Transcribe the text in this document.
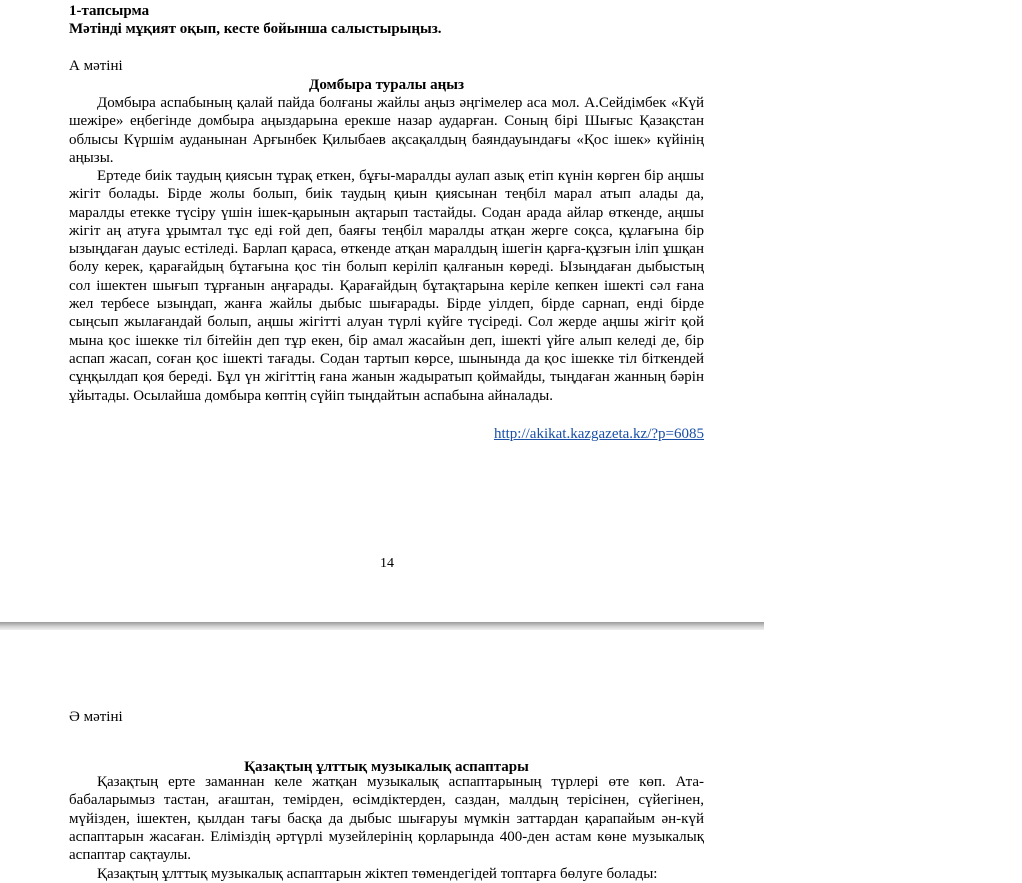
1-тапсырма

Мәтінді мұқият оқып, кесте бойынша салыстырыңыз.

А мәтіні

Домбыра туралы аңыз

Домбыра аспабының қалай пайда болғаны жайлы аңыз әңгімелер аса мол. А.Сейдімбек «Күй шежіре» еңбегінде домбыра аңыздарына ерекше назар аударған. Соның бірі Шығыс Қазақстан облысы Күршім ауданынан Арғынбек Қилыбаев ақсақалдың баяндауындағы «Қос ішек» күйінің аңызы.

Ертеде биік таудың қиясын тұрақ еткен, бұғы-маралды аулап азық етіп күнін көрген бір аңшы жігіт болады. Бірде жолы болып, биік таудың қиын қиясынан теңбіл марал атып алады да, маралды етекке түсіру үшін ішек-қарынын ақтарып тастайды. Содан арада айлар өткенде, аңшы жігіт аң атуға ұрымтал тұс еді ғой деп, баяғы теңбіл маралды атқан жерге соқса, құлағына бір ызыңдаған дауыс естіледі. Барлап қараса, өткенде атқан маралдың ішегін қарға-құзғын іліп ұшқан болу керек, қарағайдың бұтағына қос тін болып керіліп қалғанын көреді. Ызыңдаған дыбыстың сол ішектен шығып тұрғанын аңғарады. Қарағайдың бұтақтарына керіле кепкен ішекті сәл ғана жел тербесе ызыңдап, жанға жайлы дыбыс шығарады. Бірде уілдеп, бірде сарнап, енді бірде сыңсып жылағандай болып, аңшы жігітті алуан түрлі күйге түсіреді. Сол жерде аңшы жігіт қой мына қос ішекке тіл бітейін деп тұр екен, бір амал жасайын деп, ішекті үйге алып келеді де, бір аспап жасап, соған қос ішекті тағады. Содан тартып көрсе, шынында да қос ішекке тіл біткендей сұңқылдап қоя береді. Бұл үн жігіттің ғана жанын жадыратып қоймайды, тыңдаған жанның бәрін ұйытады. Осылайша домбыра көптің сүйіп тыңдайтын аспабына айналады.

http://akikat.kazgazeta.kz/?p=6085

14

Ә мәтіні

Қазақтың ұлттық музыкалық аспаптары

Қазақтың ерте заманнан келе жатқан музыкалық аспаптарының түрлері өте көп. Ата-бабаларымыз тастан, ағаштан, темірден, өсімдіктерден, саздан, малдың терісінен, сүйегінен, мүйізден, ішектен, қылдан тағы басқа да дыбыс шығаруы мүмкін заттардан қарапайым ән-күй аспаптарын жасаған. Еліміздің әртүрлі музейлерінің қорларында 400-ден астам көне музыкалық аспаптар сақтаулы.

Қазақтың ұлттық музыкалық аспаптарын жіктеп төмендегідей топтарға бөлуге болады:
